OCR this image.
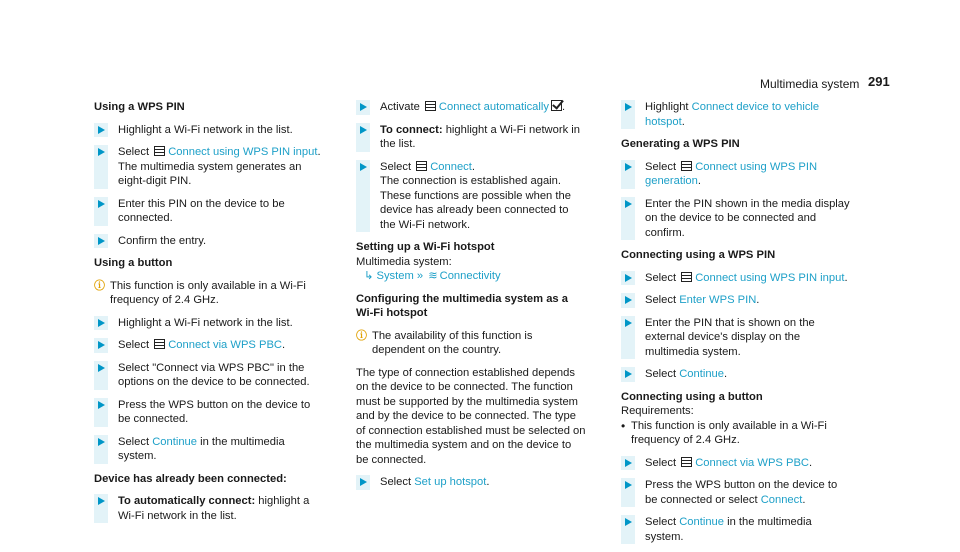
Multimedia system 291
Using a WPS PIN
Highlight a Wi-Fi network in the list.
Select Connect using WPS PIN input.
The multimedia system generates an eight-digit PIN.
Enter this PIN on the device to be connected.
Confirm the entry.
Using a button
ⓘ This function is only available in a Wi-Fi frequency of 2.4 GHz.
Highlight a Wi-Fi network in the list.
Select Connect via WPS PBC.
Select "Connect via WPS PBC" in the options on the device to be connected.
Press the WPS button on the device to be connected.
Select Continue in the multimedia system.
Device has already been connected:
To automatically connect: highlight a Wi-Fi network in the list.
Activate Connect automatically .
To connect: highlight a Wi-Fi network in the list.
Select Connect.
The connection is established again. These functions are possible when the device has already been connected to the Wi-Fi network.
Setting up a Wi-Fi hotspot
Multimedia system:
↳ System » ≋ Connectivity
Configuring the multimedia system as a Wi-Fi hotspot
ⓘ The availability of this function is dependent on the country.
The type of connection established depends on the device to be connected. The function must be supported by the multimedia system and by the device to be connected. The type of connection established must be selected on the multimedia system and on the device to be connected.
Select Set up hotspot.
Highlight Connect device to vehicle hotspot.
Generating a WPS PIN
Select Connect using WPS PIN generation.
Enter the PIN shown in the media display on the device to be connected and confirm.
Connecting using a WPS PIN
Select Connect using WPS PIN input.
Select Enter WPS PIN.
Enter the PIN that is shown on the external device's display on the multimedia system.
Select Continue.
Connecting using a button
Requirements:
• This function is only available in a Wi-Fi frequency of 2.4 GHz.
Select Connect via WPS PBC.
Press the WPS button on the device to be connected or select Connect.
Select Continue in the multimedia system.
